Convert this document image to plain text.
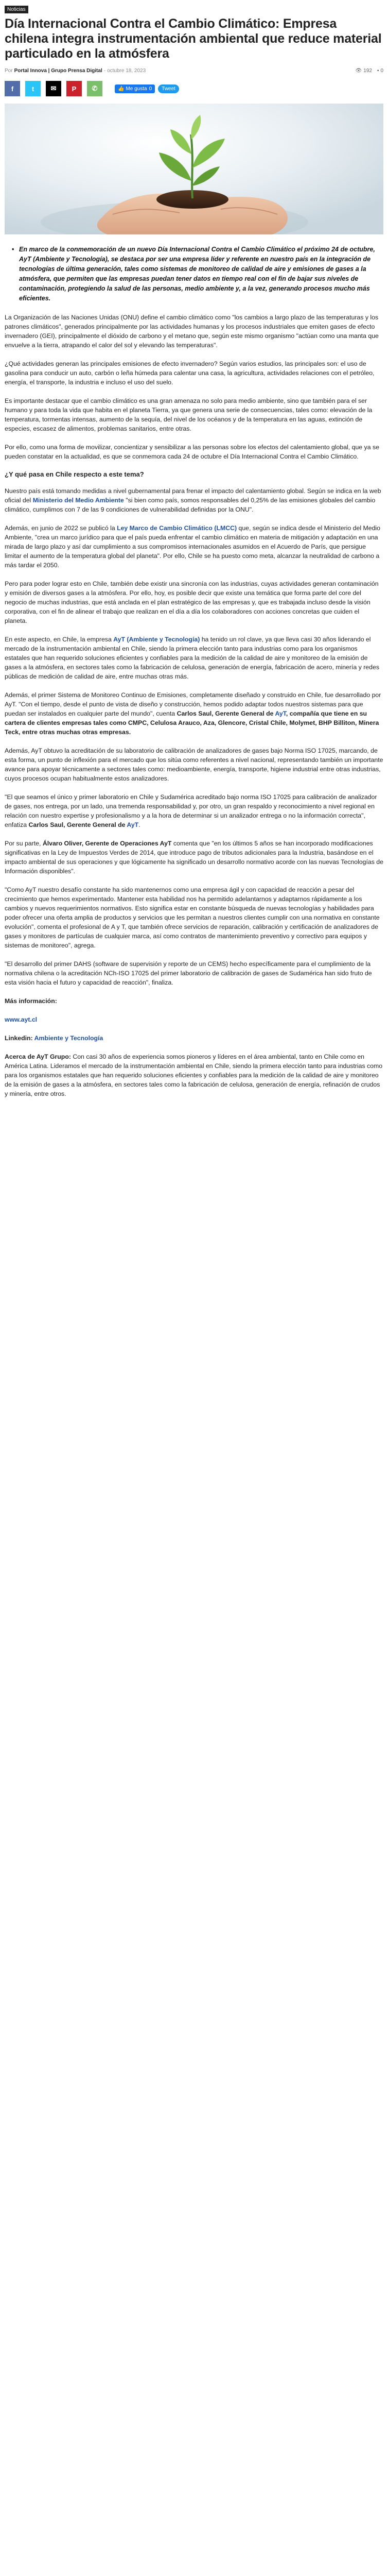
Noticias
Día Internacional Contra el Cambio Climático: Empresa chilena integra instrumentación ambiental que reduce material particulado en la atmósfera
Por Portal Innova | Grupo Prensa Digital - octubre 18, 2023	👁 192 ▪ 0
f	t ✉ P ✆	👍 Me gusta 0	Tweet
• En marco de la conmemoración de un nuevo Día Internacional Contra el Cambio Climático el próximo 24 de octubre, AyT (Ambiente y Tecnología), se destaca por ser una empresa líder y referente en nuestro país en la integración de tecnologías de última generación, tales como sistemas de monitoreo de calidad de aire y emisiones de gases a la atmósfera, que permiten que las empresas puedan tener datos en tiempo real con el fin de bajar sus niveles de contaminación, protegiendo la salud de las personas, medio ambiente y, a la vez, generando procesos mucho más eficientes.

La Organización de las Naciones Unidas (ONU) define el cambio climático como "los cambios a largo plazo de las temperaturas y los patrones climáticos", generados principalmente por las actividades humanas y los procesos industriales que emiten gases de efecto invernadero (GEI), principalmente el dióxido de carbono y el metano que, según este mismo organismo "actúan como una manta que envuelve a la tierra, atrapando el calor del sol y elevando las temperaturas".

¿Qué actividades generan las principales emisiones de efecto invernadero? Según varios estudios, las principales son: el uso de gasolina para conducir un auto, carbón o leña húmeda para calentar una casa, la agricultura, actividades relaciones con el petróleo, energía, el transporte, la industria e incluso el uso del suelo.

Es importante destacar que el cambio climático es una gran amenaza no solo para medio ambiente, sino que también para el ser humano y para toda la vida que habita en el planeta Tierra, ya que genera una serie de consecuencias, tales como: elevación de la temperatura, tormentas intensas, aumento de la sequía, del nivel de los océanos y de la temperatura en las aguas, extinción de especies, escasez de alimentos, problemas sanitarios, entre otras.

Por ello, como una forma de movilizar, concientizar y sensibilizar a las personas sobre los efectos del calentamiento global, que ya se pueden constatar en la actualidad, es que se conmemora cada 24 de octubre el Día Internacional Contra el Cambio Climático.

¿Y qué pasa en Chile respecto a este tema?

Nuestro país está tomando medidas a nivel gubernamental para frenar el impacto del calentamiento global. Según se indica en la web oficial del Ministerio del Medio Ambiente "si bien como país, somos responsables del 0,25% de las emisiones globales del cambio climático, cumplimos con 7 de las 9 condiciones de vulnerabilidad definidas por la ONU".

Además, en junio de 2022 se publicó la Ley Marco de Cambio Climático (LMCC) que, según se indica desde el Ministerio del Medio Ambiente, "crea un marco jurídico para que el país pueda enfrentar el cambio climático en materia de mitigación y adaptación en una mirada de largo plazo y así dar cumplimiento a sus compromisos internacionales asumidos en el Acuerdo de París, que persigue limitar el aumento de la temperatura global del planeta". Por ello, Chile se ha puesto como meta, alcanzar la neutralidad de carbono a más tardar el 2050.

Pero para poder lograr esto en Chile, también debe existir una sincronía con las industrias, cuyas actividades generan contaminación y emisión de diversos gases a la atmósfera. Por ello, hoy, es posible decir que existe una temática que forma parte del core del negocio de muchas industrias, que está anclada en el plan estratégico de las empresas y, que es trabajada incluso desde la visión corporativa, con el fin de alinear el trabajo que realizan en el día a día los colaboradores con acciones concretas que cuiden el planeta.

En este aspecto, en Chile, la empresa AyT (Ambiente y Tecnología) ha tenido un rol clave, ya que lleva casi 30 años liderando el mercado de la instrumentación ambiental en Chile, siendo la primera elección tanto para industrias como para los organismos estatales que han requerido soluciones eficientes y confiables para la medición de la calidad de aire y monitoreo de la emisión de gases a la atmósfera, en sectores tales como la fabricación de celulosa, generación de energía, fabricación de acero, minería y redes públicas de medición de calidad de aire, entre muchas otras más.

Además, el primer Sistema de Monitoreo Continuo de Emisiones, completamente diseñado y construido en Chile, fue desarrollado por AyT. "Con el tiempo, desde el punto de vista de diseño y construcción, hemos podido adaptar todos nuestros sistemas para que puedan ser instalados en cualquier parte del mundo", cuenta Carlos Saul, Gerente General de AyT, compañía que tiene en su cartera de clientes empresas tales como CMPC, Celulosa Arauco, Aza, Glencore, Cristal Chile, Molymet, BHP Billiton, Minera Teck, entre otras muchas otras empresas.

Además, AyT obtuvo la acreditación de su laboratorio de calibración de analizadores de gases bajo Norma ISO 17025, marcando, de esta forma, un punto de inflexión para el mercado que los sitúa como referentes a nivel nacional, representando también un importante avance para apoyar técnicamente a sectores tales como: medioambiente, energía, transporte, higiene industrial entre otras industrias, cuyos procesos ocupan habitualmente estos analizadores.

"El que seamos el único y primer laboratorio en Chile y Sudamérica acreditado bajo norma ISO 17025 para calibración de analizador de gases, nos entrega, por un lado, una tremenda responsabilidad y, por otro, un gran respaldo y reconocimiento a nivel regional en relación con nuestro expertise y profesionalismo y a la hora de determinar si un analizador entrega o no la información correcta", enfatiza Carlos Saul, Gerente General de AyT.

Por su parte, Álvaro Oliver, Gerente de Operaciones AyT comenta que "en los últimos 5 años se han incorporado modificaciones significativas en la Ley de Impuestos Verdes de 2014, que introduce pago de tributos adicionales para la Industria, basándose en el impacto ambiental de sus operaciones y que lógicamente ha significado un desarrollo normativo acorde con las nuevas Tecnologías de Información disponibles".

"Como AyT nuestro desafío constante ha sido mantenernos como una empresa ágil y con capacidad de reacción a pesar del crecimiento que hemos experimentado. Mantener esta habilidad nos ha permitido adelantarnos y adaptarnos rápidamente a los cambios y nuevos requerimientos normativos. Esto significa estar en constante búsqueda de nuevas tecnologías y habilidades para poder ofrecer una oferta amplia de productos y servicios que les permitan a nuestros clientes cumplir con una normativa en constante evolución", comenta el profesional de A y T, que también ofrece servicios de reparación, calibración y certificación de analizadores de gases y monitores de partículas de cualquier marca, así como contratos de mantenimiento preventivo y correctivo para equipos y sistemas de monitoreo", agrega.

"El desarrollo del primer DAHS (software de supervisión y reporte de un CEMS) hecho específicamente para el cumplimiento de la normativa chilena o la acreditación NCh-ISO 17025 del primer laboratorio de calibración de gases de Sudamérica han sido fruto de esta visión hacia el futuro y capacidad de reacción", finaliza.

Más información:

www.ayt.cl

Linkedin: Ambiente y Tecnología

Acerca de AyT Grupo: Con casi 30 años de experiencia somos pioneros y líderes en el área ambiental, tanto en Chile como en América Latina. Lideramos el mercado de la instrumentación ambiental en Chile, siendo la primera elección tanto para industrias como para los organismos estatales que han requerido soluciones eficientes y confiables para la medición de la calidad de aire y monitoreo de la emisión de gases a la atmósfera, en sectores tales como la fabricación de celulosa, generación de energía, refinación de crudos y minería, entre otros.
